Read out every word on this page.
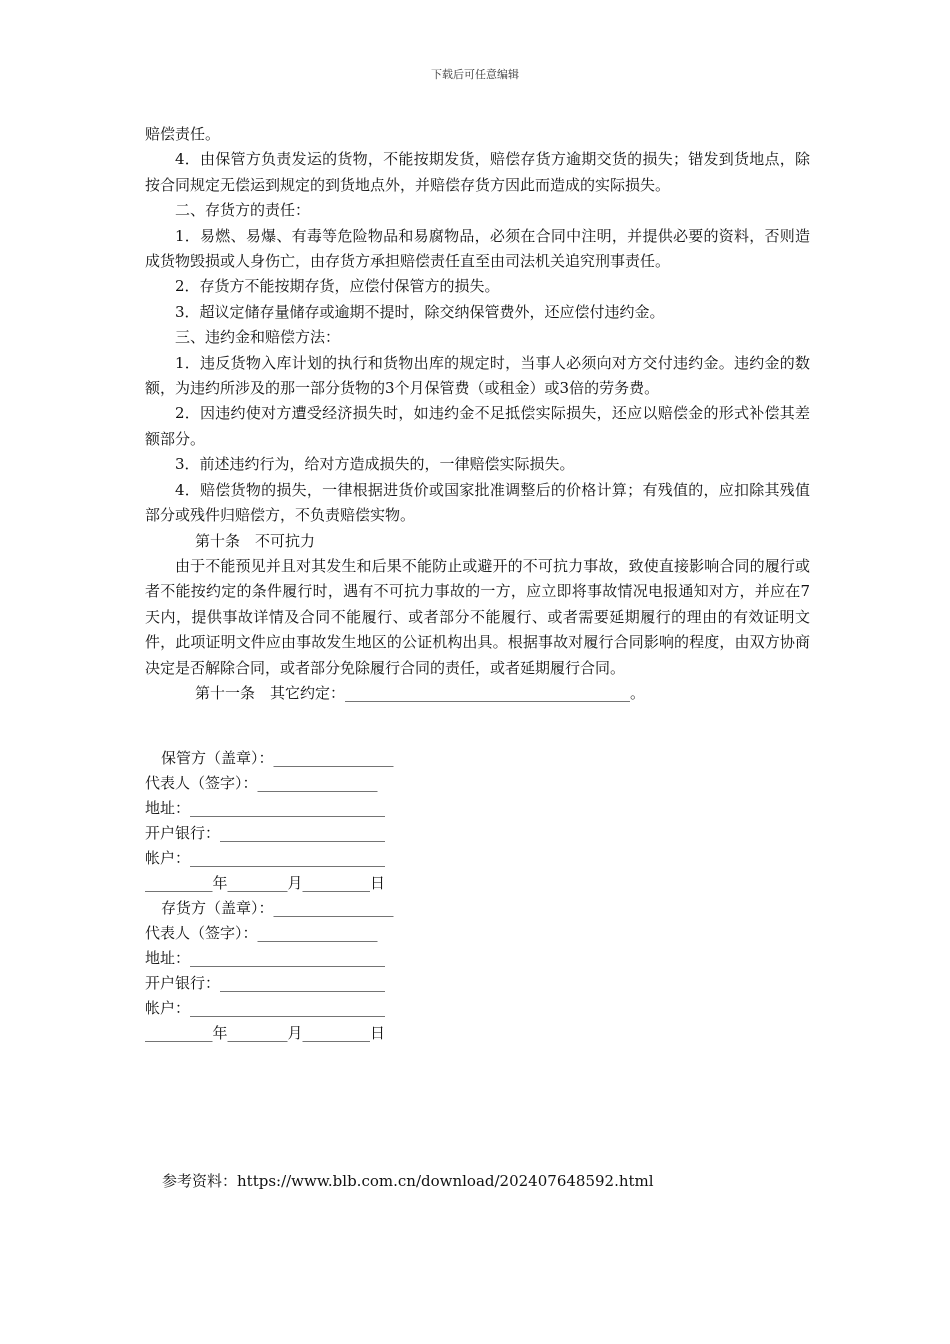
下载后可任意编辑

赔偿责任。

4．由保管方负责发运的货物，不能按期发货，赔偿存货方逾期交货的损失；错发到货地点，除按合同规定无偿运到规定的到货地点外，并赔偿存货方因此而造成的实际损失。

二、存货方的责任：

1．易燃、易爆、有毒等危险物品和易腐物品，必须在合同中注明，并提供必要的资料，否则造成货物毁损或人身伤亡，由存货方承担赔偿责任直至由司法机关追究刑事责任。

2．存货方不能按期存货，应偿付保管方的损失。

3．超议定储存量储存或逾期不提时，除交纳保管费外，还应偿付违约金。

三、违约金和赔偿方法：

1．违反货物入库计划的执行和货物出库的规定时，当事人必须向对方交付违约金。违约金的数额，为违约所涉及的那一部分货物的3个月保管费（或租金）或3倍的劳务费。

2．因违约使对方遭受经济损失时，如违约金不足抵偿实际损失，还应以赔偿金的形式补偿其差额部分。

3．前述违约行为，给对方造成损失的，一律赔偿实际损失。

4．赔偿货物的损失，一律根据进货价或国家批准调整后的价格计算；有残值的，应扣除其残值部分或残件归赔偿方，不负责赔偿实物。

第十条　不可抗力

由于不能预见并且对其发生和后果不能防止或避开的不可抗力事故，致使直接影响合同的履行或者不能按约定的条件履行时，遇有不可抗力事故的一方，应立即将事故情况电报通知对方，并应在7天内，提供事故详情及合同不能履行、或者部分不能履行、或者需要延期履行的理由的有效证明文件，此项证明文件应由事故发生地区的公证机构出具。根据事故对履行合同影响的程度，由双方协商决定是否解除合同，或者部分免除履行合同的责任，或者延期履行合同。

第十一条　其它约定：______________________________________。

保管方（盖章）：________________

代表人（签字）：________________

地址：__________________________

开户银行：______________________

帐户：__________________________

_________年________月_________日

存货方（盖章）：________________

代表人（签字）：________________

地址：__________________________

开户银行：______________________

帐户：__________________________

_________年________月_________日

参考资料：https://www.blb.com.cn/download/202407648592.html
